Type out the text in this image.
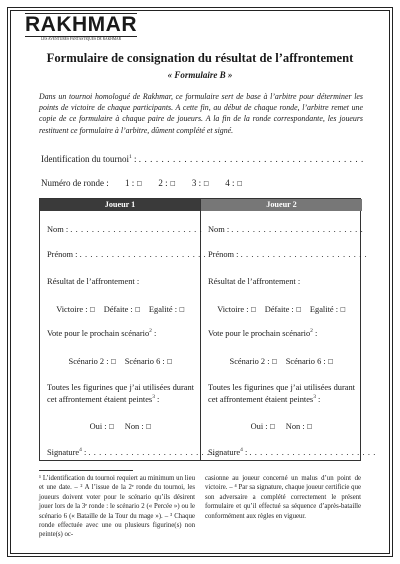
RAKHMAR
LES AVENTURES FANTASTIQUES DE RAKHMAR
Formulaire de consignation du résultat de l’affrontement
« Formulaire B »
Dans un tournoi homologué de Rakhmar, ce formulaire sert de base à l’arbitre pour déterminer les points de victoire de chaque participants. A cette fin, au début de chaque ronde, l’arbitre remet une copie de ce formulaire à chaque paire de joueurs. A la fin de la ronde correspondante, les joueurs restituent ce formulaire à l’arbitre, dûment complété et signé.
Identification du tournoi$^1$ : . . . . . . . . . . . . . . . . . . . . . . . . . . . . . . . . . . . . . . . .
Numéro de ronde : 1 : □ 2 : □ 3 : □ 4 : □
Joueur 1
Nom : . . . . . . . . . . . . . . . . . . . . . . . . .
Prénom : . . . . . . . . . . . . . . . . . . . . . . . .
Résultat de l’affrontement :
Victoire : □ Défaite : □ Egalité : □
Vote pour le prochain scénario$^2$ :
Scénario 2 : □ Scénario 6 : □
Toutes les figurines que j’ai utilisées durant cet affrontement étaient peintes$^3$ :
Oui : □ Non : □
Signature$^4$ : . . . . . . . . . . . . . . . . . . . . . . . .
Joueur 2
Nom : . . . . . . . . . . . . . . . . . . . . . . . . .
Prénom : . . . . . . . . . . . . . . . . . . . . . . . .
Résultat de l’affrontement :
Victoire : □ Défaite : □ Egalité : □
Vote pour le prochain scénario$^2$ :
Scénario 2 : □ Scénario 6 : □
Toutes les figurines que j’ai utilisées durant cet affrontement étaient peintes$^3$ :
Oui : □ Non : □
Signature$^4$ : . . . . . . . . . . . . . . . . . . . . . . . .
¹ L’identification du tournoi requiert au minimum un lieu et une date. – ² A l’issue de la 2ᵉ ronde du tournoi, les joueurs doivent voter pour le scénario qu’ils désirent jouer lors de la 3ᵉ ronde : le scénario 2 (« Percée ») ou le scénario 6 (« Bataille de la Tour du mage »). – ³ Chaque ronde effectuée avec une ou plusieurs figurine(s) non peinte(s) oc-
casionne au joueur concerné un malus d’un point de victoire. – ⁴ Par sa signature, chaque joueur certificie que son adversaire a complété correctement le présent formulaire et qu’il effectué sa séquence d’après-bataille conformément aux règles en vigueur.
